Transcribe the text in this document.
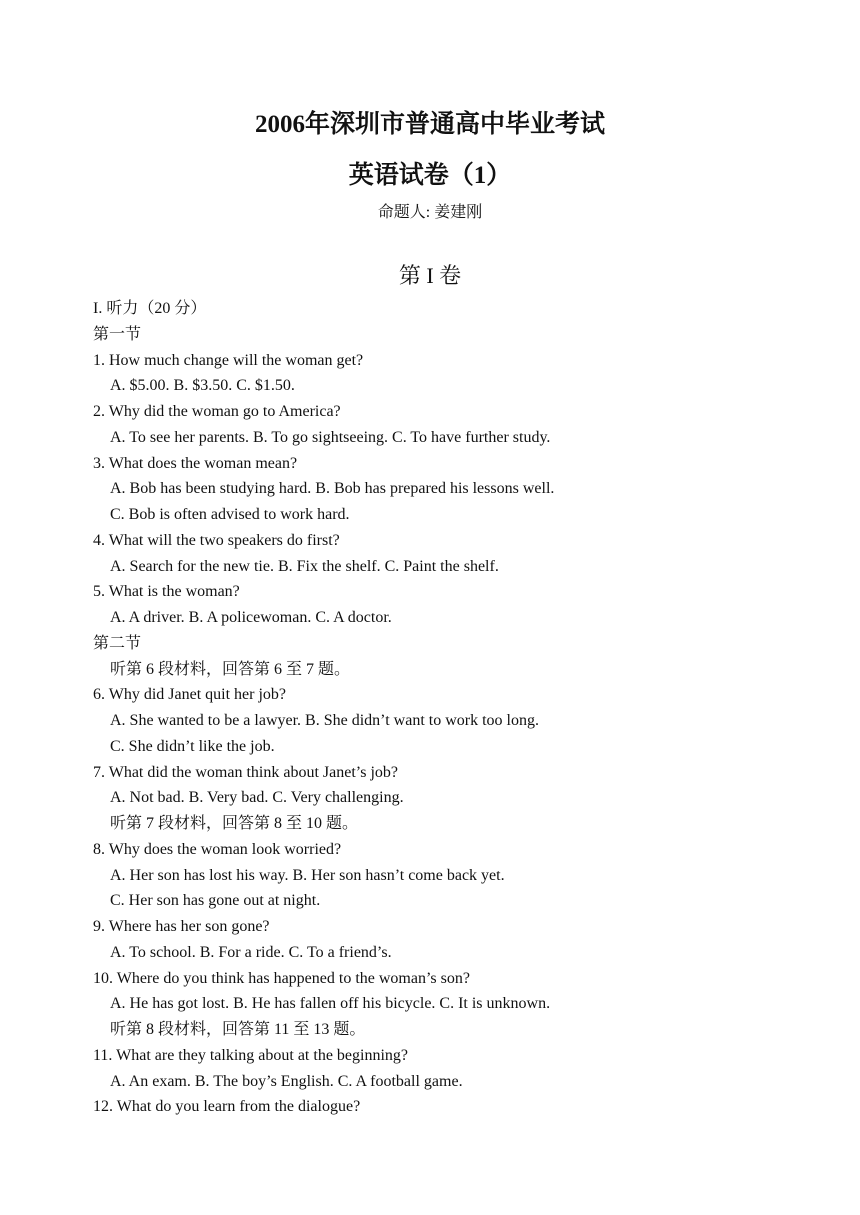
2006年深圳市普通高中毕业考试
英语试卷（1）
命题人: 姜建刚
第 I 卷
I. 听力（20 分）
第一节
1. How much change will the woman get?
A. $5.00. B. $3.50. C. $1.50.
2. Why did the woman go to America?
A. To see her parents. B. To go sightseeing. C. To have further study.
3. What does the woman mean?
A. Bob has been studying hard. B. Bob has prepared his lessons well.
C. Bob is often advised to work hard.
4. What will the two speakers do first?
A. Search for the new tie. B. Fix the shelf. C. Paint the shelf.
5. What is the woman?
A. A driver. B. A policewoman. C. A doctor.
第二节
听第 6 段材料，回答第 6 至 7 题。
6. Why did Janet quit her job?
A. She wanted to be a lawyer. B. She didn’t want to work too long.
C. She didn’t like the job.
7. What did the woman think about Janet’s job?
A. Not bad. B. Very bad. C. Very challenging.
听第 7 段材料，回答第 8 至 10 题。
8. Why does the woman look worried?
A. Her son has lost his way. B. Her son hasn’t come back yet.
C. Her son has gone out at night.
9. Where has her son gone?
A. To school. B. For a ride. C. To a friend’s.
10. Where do you think has happened to the woman’s son?
A. He has got lost. B. He has fallen off his bicycle. C. It is unknown.
听第 8 段材料，回答第 11 至 13 题。
11. What are they talking about at the beginning?
A. An exam. B. The boy’s English. C. A football game.
12. What do you learn from the dialogue?
